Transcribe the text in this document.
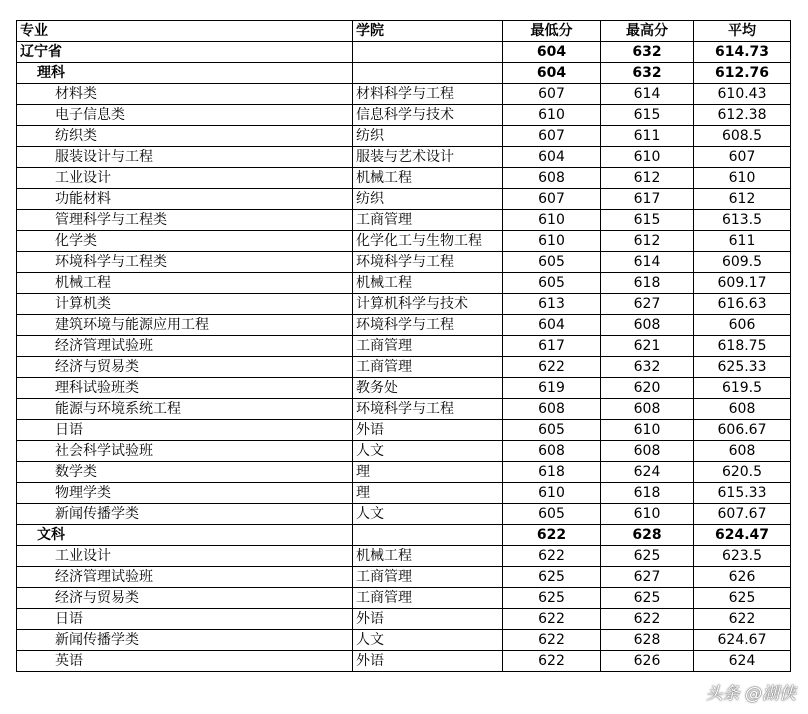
专业	学院	最低分	最高分	平均
辽宁省		604	632	614.73
理科		604	632	612.76
材料类	材料科学与工程	607	614	610.43
电子信息类	信息科学与技术	610	615	612.38
纺织类	纺织	607	611	608.5
服装设计与工程	服装与艺术设计	604	610	607
工业设计	机械工程	608	612	610
功能材料	纺织	607	617	612
管理科学与工程类	工商管理	610	615	613.5
化学类	化学化工与生物工程	610	612	611
环境科学与工程类	环境科学与工程	605	614	609.5
机械工程	机械工程	605	618	609.17
计算机类	计算机科学与技术	613	627	616.63
建筑环境与能源应用工程	环境科学与工程	604	608	606
经济管理试验班	工商管理	617	621	618.75
经济与贸易类	工商管理	622	632	625.33
理科试验班类	教务处	619	620	619.5
能源与环境系统工程	环境科学与工程	608	608	608
日语	外语	605	610	606.67
社会科学试验班	人文	608	608	608
数学类	理	618	624	620.5
物理学类	理	610	618	615.33
新闻传播学类	人文	605	610	607.67
文科		622	628	624.47
工业设计	机械工程	622	625	623.5
经济管理试验班	工商管理	625	627	626
经济与贸易类	工商管理	625	625	625
日语	外语	622	622	622
新闻传播学类	人文	622	628	624.67
英语	外语	622	626	624
头条 @湖侠
